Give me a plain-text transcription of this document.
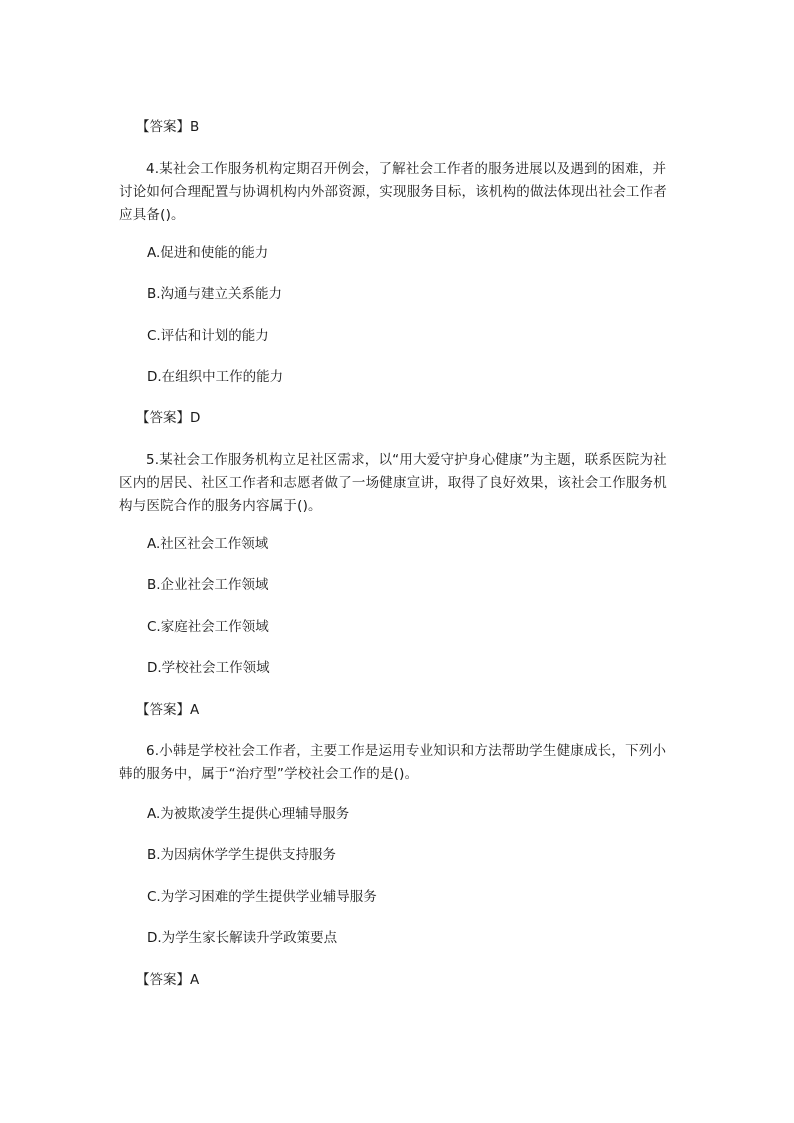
【答案】B
4.某社会工作服务机构定期召开例会，了解社会工作者的服务进展以及遇到的困难，并讨论如何合理配置与协调机构内外部资源，实现服务目标，该机构的做法体现出社会工作者应具备()。
A.促进和使能的能力
B.沟通与建立关系能力
C.评估和计划的能力
D.在组织中工作的能力
【答案】D
5.某社会工作服务机构立足社区需求，以“用大爱守护身心健康”为主题，联系医院为社区内的居民、社区工作者和志愿者做了一场健康宣讲，取得了良好效果，该社会工作服务机构与医院合作的服务内容属于()。
A.社区社会工作领域
B.企业社会工作领域
C.家庭社会工作领域
D.学校社会工作领域
【答案】A
6.小韩是学校社会工作者，主要工作是运用专业知识和方法帮助学生健康成长，下列小韩的服务中，属于“治疗型”学校社会工作的是()。
A.为被欺凌学生提供心理辅导服务
B.为因病休学学生提供支持服务
C.为学习困难的学生提供学业辅导服务
D.为学生家长解读升学政策要点
【答案】A
